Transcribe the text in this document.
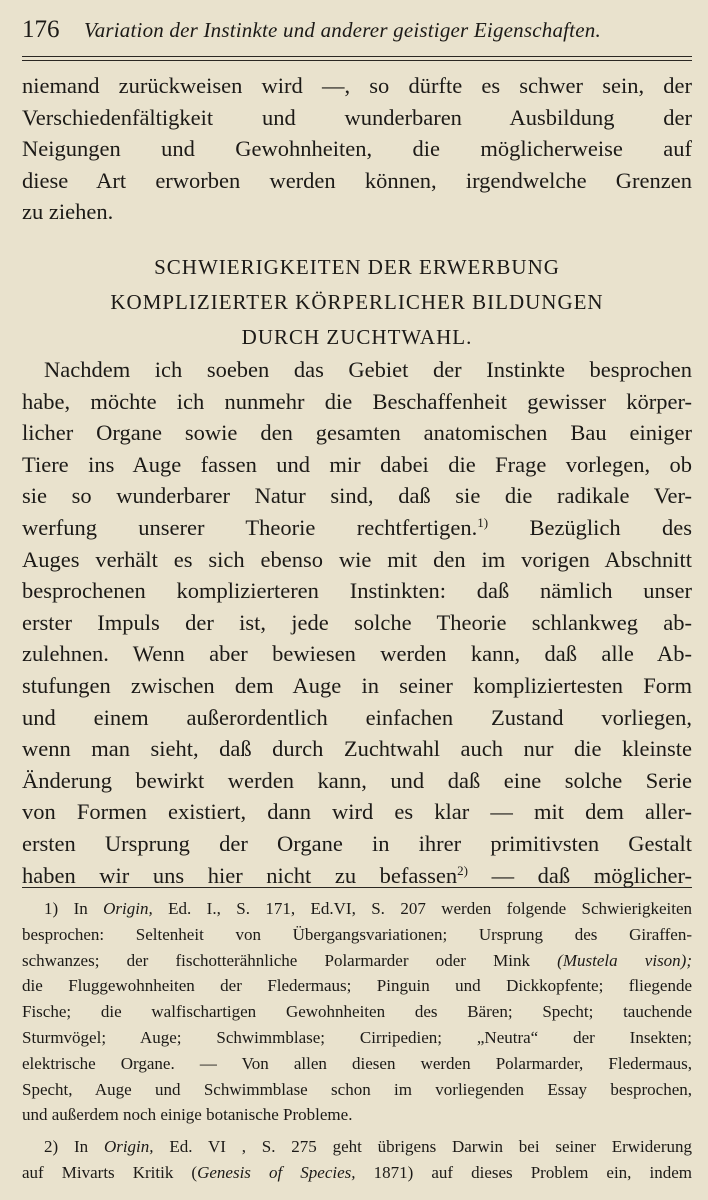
176 Variation der Instinkte und anderer geistiger Eigenschaften.
niemand zurückweisen wird —, so dürfte es schwer sein, der
Verschiedenfältigkeit und wunderbaren Ausbildung der
Neigungen und Gewohnheiten, die möglicherweise auf
diese Art erworben werden können, irgendwelche Grenzen
zu ziehen.
SCHWIERIGKEITEN DER ERWERBUNG
KOMPLIZIERTER KÖRPERLICHER BILDUNGEN
DURCH ZUCHTWAHL.
Nachdem ich soeben das Gebiet der Instinkte besprochen
habe, möchte ich nunmehr die Beschaffenheit gewisser körper-
licher Organe sowie den gesamten anatomischen Bau einiger
Tiere ins Auge fassen und mir dabei die Frage vorlegen, ob
sie so wunderbarer Natur sind, daß sie die radikale Ver-
werfung unserer Theorie rechtfertigen.$^{1)}$ Bezüglich des
Auges verhält es sich ebenso wie mit den im vorigen Abschnitt
besprochenen komplizierteren Instinkten: daß nämlich unser
erster Impuls der ist, jede solche Theorie schlankweg ab-
zulehnen. Wenn aber bewiesen werden kann, daß alle Ab-
stufungen zwischen dem Auge in seiner kompliziertesten Form
und einem außerordentlich einfachen Zustand vorliegen,
wenn man sieht, daß durch Zuchtwahl auch nur die kleinste
Änderung bewirkt werden kann, und daß eine solche Serie
von Formen existiert, dann wird es klar — mit dem aller-
ersten Ursprung der Organe in ihrer primitivsten Gestalt
haben wir uns hier nicht zu befassen$^{2)}$ — daß möglicher-
1) In Origin, Ed. I., S. 171, Ed.VI, S. 207 werden folgende Schwierigkeiten
besprochen: Seltenheit von Übergangsvariationen; Ursprung des Giraffen-
schwanzes; der fischotterähnliche Polarmarder oder Mink (Mustela vison);
die Fluggewohnheiten der Fledermaus; Pinguin und Dickkopfente; fliegende
Fische; die walfischartigen Gewohnheiten des Bären; Specht; tauchende
Sturmvögel; Auge; Schwimmblase; Cirripedien; „Neutra“ der Insekten;
elektrische Organe. — Von allen diesen werden Polarmarder, Fledermaus,
Specht, Auge und Schwimmblase schon im vorliegenden Essay besprochen,
und außerdem noch einige botanische Probleme.
2) In Origin, Ed. VI , S. 275 geht übrigens Darwin bei seiner Erwiderung
auf Mivarts Kritik (Genesis of Species, 1871) auf dieses Problem ein, indem
